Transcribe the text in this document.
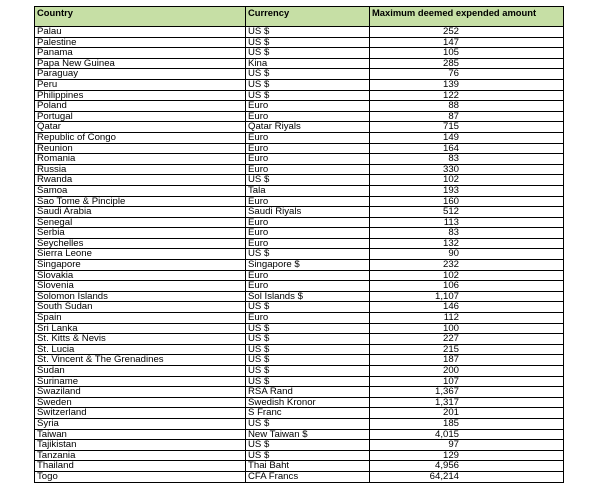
Country	Currency	Maximum deemed expended amount
Palau	US $	252
Palestine	US $	147
Panama	US $	105
Papa New Guinea	Kina	285
Paraguay	US $	76
Peru	US $	139
Philippines	US $	122
Poland	Euro	88
Portugal	Euro	87
Qatar	Qatar Riyals	715
Republic of Congo	Euro	149
Reunion	Euro	164
Romania	Euro	83
Russia	Euro	330
Rwanda	US $	102
Samoa	Tala	193
Sao Tome & Pinciple	Euro	160
Saudi Arabia	Saudi Riyals	512
Senegal	Euro	113
Serbia	Euro	83
Seychelles	Euro	132
Sierra Leone	US $	90
Singapore	Singapore $	232
Slovakia	Euro	102
Slovenia	Euro	106
Solomon Islands	Sol Islands $	1,107
South Sudan	US $	146
Spain	Euro	112
Sri Lanka	US $	100
St. Kitts & Nevis	US $	227
St. Lucia	US $	215
St. Vincent & The Grenadines	US $	187
Sudan	US $	200
Suriname	US $	107
Swaziland	RSA Rand	1,367
Sweden	Swedish Kronor	1,317
Switzerland	S Franc	201
Syria	US $	185
Taiwan	New Taiwan $	4,015
Tajikistan	US $	97
Tanzania	US $	129
Thailand	Thai Baht	4,956
Togo	CFA Francs	64,214
